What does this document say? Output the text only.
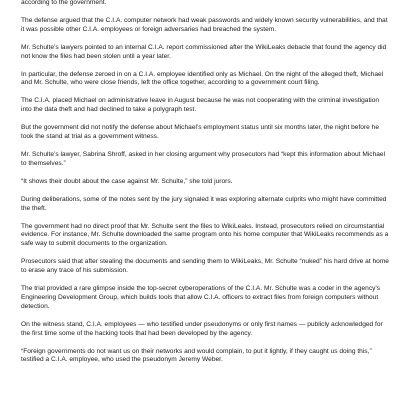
according to the government.

The defense argued that the C.I.A. computer network had weak passwords and widely known security vulnerabilities, and that it was possible other C.I.A. employees or foreign adversaries had breached the system.

Mr. Schulte’s lawyers pointed to an internal C.I.A. report commissioned after the WikiLeaks debacle that found the agency did not know the files had been stolen until a year later.

In particular, the defense zeroed in on a C.I.A. employee identified only as Michael. On the night of the alleged theft, Michael and Mr. Schulte, who were close friends, left the office together, according to a government court filing.

The C.I.A. placed Michael on administrative leave in August because he was not cooperating with the criminal investigation into the data theft and had declined to take a polygraph test.

But the government did not notify the defense about Michael’s employment status until six months later, the night before he took the stand at trial as a government witness.

Mr. Schulte’s lawyer, Sabrina Shroff, asked in her closing argument why prosecutors had “kept this information about Michael to themselves.”

“It shows their doubt about the case against Mr. Schulte,” she told jurors.

During deliberations, some of the notes sent by the jury signaled it was exploring alternate culprits who might have committed the theft.

The government had no direct proof that Mr. Schulte sent the files to WikiLeaks. Instead, prosecutors relied on circumstantial evidence. For instance, Mr. Schulte downloaded the same program onto his home computer that WikiLeaks recommends as a safe way to submit documents to the organization.

Prosecutors said that after stealing the documents and sending them to WikiLeaks, Mr. Schulte “nuked” his hard drive at home to erase any trace of his submission.

The trial provided a rare glimpse inside the top-secret cyberoperations of the C.I.A. Mr. Schulte was a coder in the agency’s Engineering Development Group, which builds tools that allow C.I.A. officers to extract files from foreign computers without detection.

On the witness stand, C.I.A. employees — who testified under pseudonyms or only first names — publicly acknowledged for the first time some of the hacking tools that had been developed by the agency.

“Foreign governments do not want us on their networks and would complain, to put it lightly, if they caught us doing this,” testified a C.I.A. employee, who used the pseudonym Jeremy Weber.
